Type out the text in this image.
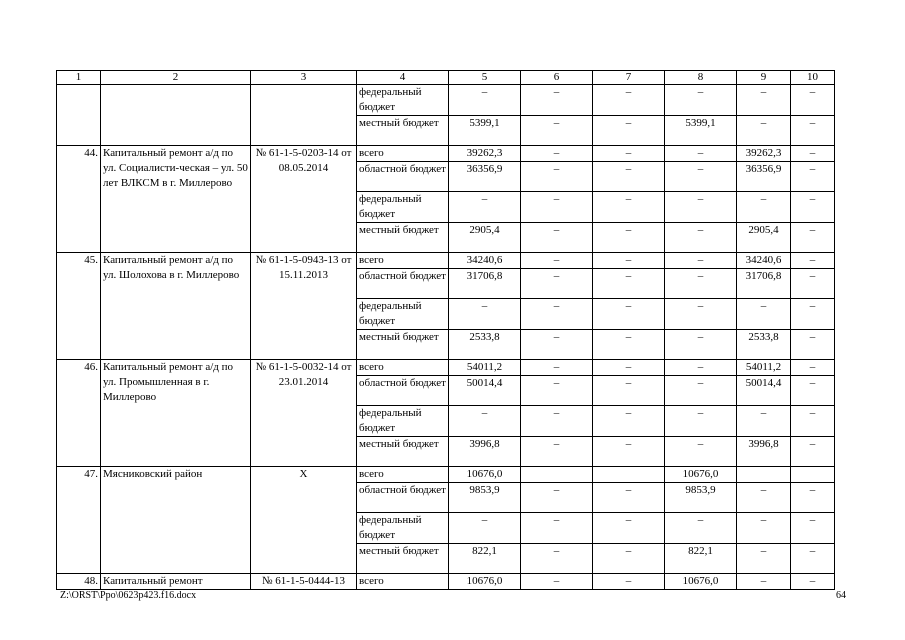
1	2	3	4	5	6	7	8	9	10
			федеральный бюджет	–	–	–	–	–	–
			местный бюджет	5399,1	–	–	5399,1	–	–
44.	Капитальный ремонт а/д по ул. Социалисти-ческая – ул. 50 лет ВЛКСМ в г. Миллерово	№ 61-1-5-0203-14 от 08.05.2014	всего	39262,3	–	–	–	39262,3	–
			областной бюджет	36356,9	–	–	–	36356,9	–
			федеральный бюджет	–	–	–	–	–	–
			местный бюджет	2905,4	–	–	–	2905,4	–
45.	Капитальный ремонт а/д по ул. Шолохова в г. Миллерово	№ 61-1-5-0943-13 от 15.11.2013	всего	34240,6	–	–	–	34240,6	–
			областной бюджет	31706,8	–	–	–	31706,8	–
			федеральный бюджет	–	–	–	–	–	–
			местный бюджет	2533,8	–	–	–	2533,8	–
46.	Капитальный ремонт а/д по ул. Промышленная в г. Миллерово	№ 61-1-5-0032-14 от 23.01.2014	всего	54011,2	–	–	–	54011,2	–
			областной бюджет	50014,4	–	–	–	50014,4	–
			федеральный бюджет	–	–	–	–	–	–
			местный бюджет	3996,8	–	–	–	3996,8	–
47.	Мясниковский район	Х	всего	10676,0			10676,0		
			областной бюджет	9853,9	–	–	9853,9	–	–
			федеральный бюджет	–	–	–	–	–	–
			местный бюджет	822,1	–	–	822,1	–	–
48.	Капитальный ремонт	№ 61-1-5-0444-13	всего	10676,0	–	–	10676,0	–	–
Z:\ORST\Ppo\0623p423.f16.docx	64
